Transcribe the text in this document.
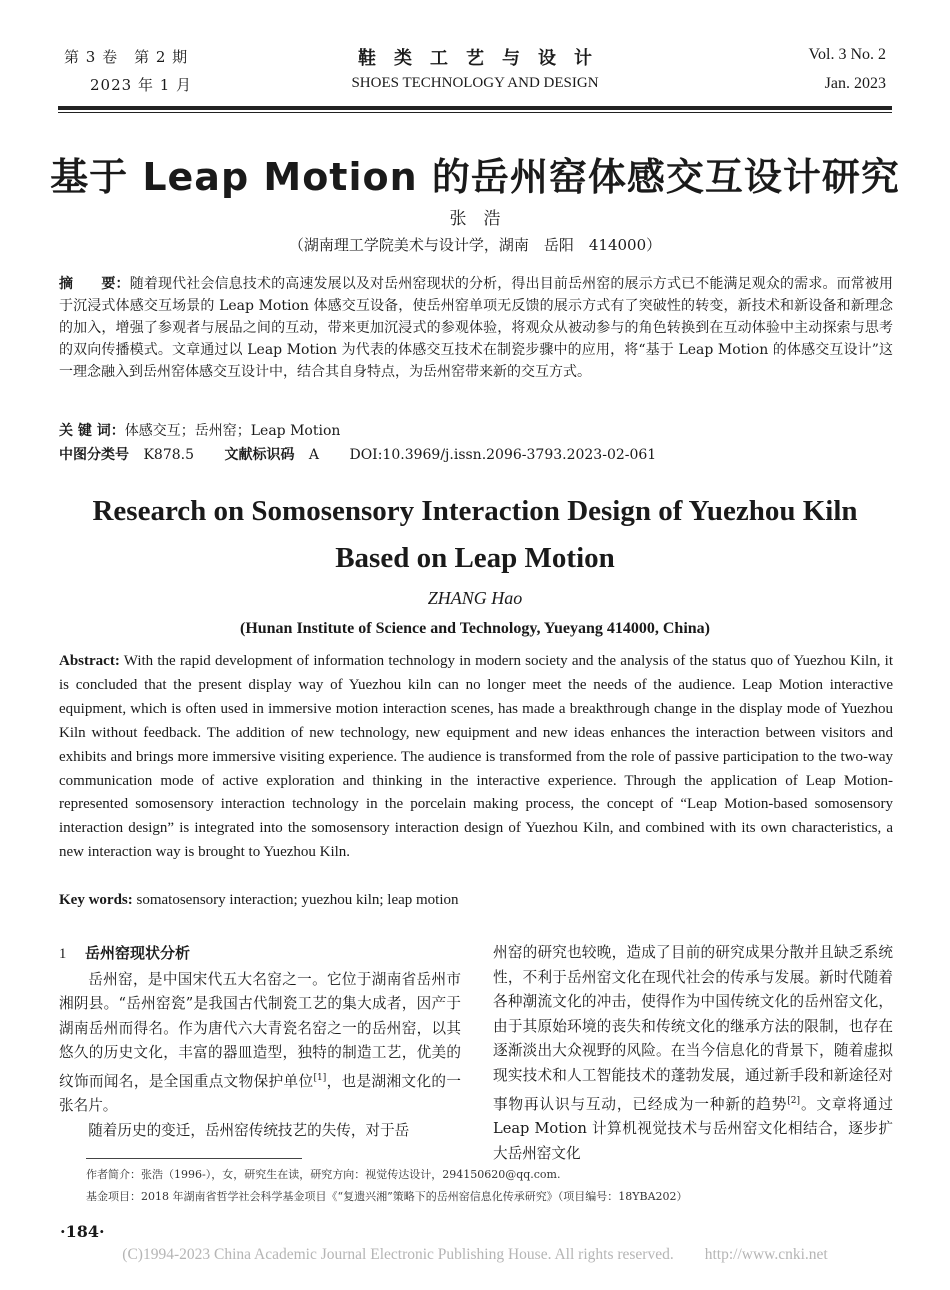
第 3 卷　第 2 期
2023 年 1 月
鞋　类　工　艺　与　设　计
SHOES TECHNOLOGY AND DESIGN
Vol. 3 No. 2
Jan. 2023
基于 Leap Motion 的岳州窑体感交互设计研究
张　浩
（湖南理工学院美术与设计学，湖南　岳阳　414000）
摘　　要：随着现代社会信息技术的高速发展以及对岳州窑现状的分析，得出目前岳州窑的展示方式已不能满足观众的需求。而常被用于沉浸式体感交互场景的 Leap Motion 体感交互设备，使岳州窑单项无反馈的展示方式有了突破性的转变，新技术和新设备和新理念的加入，增强了参观者与展品之间的互动，带来更加沉浸式的参观体验，将观众从被动参与的角色转换到在互动体验中主动探索与思考的双向传播模式。文章通过以 Leap Motion 为代表的体感交互技术在制瓷步骤中的应用，将“基于 Leap Motion 的体感交互设计”这一理念融入到岳州窑体感交互设计中，结合其自身特点，为岳州窑带来新的交互方式。
关 键 词：体感交互；岳州窑；Leap Motion
中图分类号 K878.5 文献标识码 A DOI:10.3969/j.issn.2096-3793.2023-02-061
Research on Somosensory Interaction Design of Yuezhou Kiln
Based on Leap Motion
ZHANG Hao
(Hunan Institute of Science and Technology, Yueyang 414000, China)
Abstract: With the rapid development of information technology in modern society and the analysis of the status quo of Yuezhou Kiln, it is concluded that the present display way of Yuezhou kiln can no longer meet the needs of the audience. Leap Motion interactive equipment, which is often used in immersive motion interaction scenes, has made a breakthrough change in the display mode of Yuezhou Kiln without feedback. The addition of new technology, new equipment and new ideas enhances the interaction between visitors and exhibits and brings more immersive visiting experience. The audience is transformed from the role of passive participation to the two-way communication mode of active exploration and thinking in the interactive experience. Through the application of Leap Motion-represented somosensory interaction technology in the porcelain making process, the concept of “Leap Motion-based somosensory interaction design” is integrated into the somosensory interaction design of Yuezhou Kiln, and combined with its own characteristics, a new interaction way is brought to Yuezhou Kiln.
Key words: somatosensory interaction; yuezhou kiln; leap motion
1 岳州窑现状分析

岳州窑，是中国宋代五大名窑之一。它位于湖南省岳州市湘阴县。“岳州窑瓷”是我国古代制瓷工艺的集大成者，因产于湖南岳州而得名。作为唐代六大青瓷名窑之一的岳州窑，以其悠久的历史文化，丰富的器皿造型，独特的制造工艺，优美的纹饰而闻名，是全国重点文物保护单位[1]，也是湖湘文化的一张名片。

随着历史的变迁，岳州窑传统技艺的失传，对于岳

州窑的研究也较晚，造成了目前的研究成果分散并且缺乏系统性，不利于岳州窑文化在现代社会的传承与发展。新时代随着各种潮流文化的冲击，使得作为中国传统文化的岳州窑文化，由于其原始环境的丧失和传统文化的继承方法的限制，也存在逐渐淡出大众视野的风险。在当今信息化的背景下，随着虚拟现实技术和人工智能技术的蓬勃发展，通过新手段和新途径对事物再认识与互动，已经成为一种新的趋势[2]。文章将通过 Leap Motion 计算机视觉技术与岳州窑文化相结合，逐步扩大岳州窑文化
作者简介：张浩（1996-），女，研究生在读，研究方向：视觉传达设计，294150620@qq.com.
基金项目：2018 年湖南省哲学社会科学基金项目《“复遗兴湘”策略下的岳州窑信息化传承研究》（项目编号：18YBA202）
·184·
(C)1994-2023 China Academic Journal Electronic Publishing House. All rights reserved.　　http://www.cnki.net
